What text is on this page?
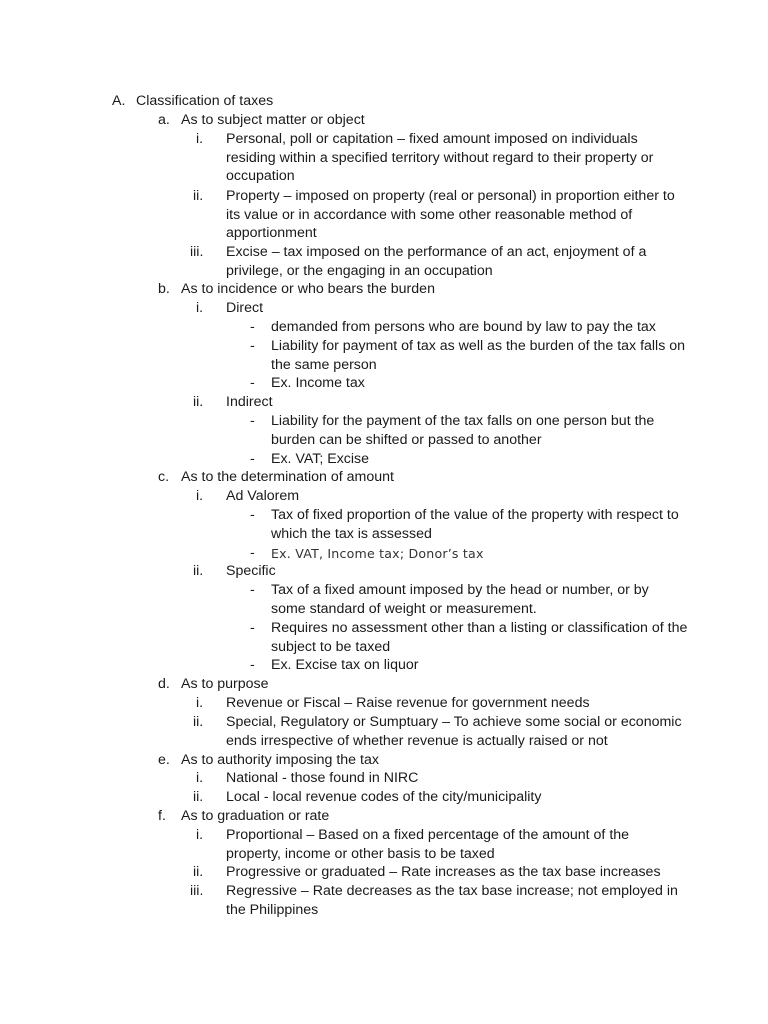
A. Classification of taxes
a. As to subject matter or object
i. Personal, poll or capitation – fixed amount imposed on individuals
residing within a specified territory without regard to their property or
occupation
ii. Property – imposed on property (real or personal) in proportion either to
its value or in accordance with some other reasonable method of
apportionment
iii. Excise – tax imposed on the performance of an act, enjoyment of a
privilege, or the engaging in an occupation
b. As to incidence or who bears the burden
i. Direct
- demanded from persons who are bound by law to pay the tax
- Liability for payment of tax as well as the burden of the tax falls on
the same person
- Ex. Income tax
ii. Indirect
- Liability for the payment of the tax falls on one person but the
burden can be shifted or passed to another
- Ex. VAT; Excise
c. As to the determination of amount
i. Ad Valorem
- Tax of fixed proportion of the value of the property with respect to
which the tax is assessed
- Ex. VAT, Income tax; Donor’s tax
ii. Specific
- Tax of a fixed amount imposed by the head or number, or by
some standard of weight or measurement.
- Requires no assessment other than a listing or classification of the
subject to be taxed
- Ex. Excise tax on liquor
d. As to purpose
i. Revenue or Fiscal – Raise revenue for government needs
ii. Special, Regulatory or Sumptuary – To achieve some social or economic
ends irrespective of whether revenue is actually raised or not
e. As to authority imposing the tax
i. National - those found in NIRC
ii. Local - local revenue codes of the city/municipality
f. As to graduation or rate
i. Proportional – Based on a fixed percentage of the amount of the
property, income or other basis to be taxed
ii. Progressive or graduated – Rate increases as the tax base increases
iii. Regressive – Rate decreases as the tax base increase; not employed in
the Philippines
